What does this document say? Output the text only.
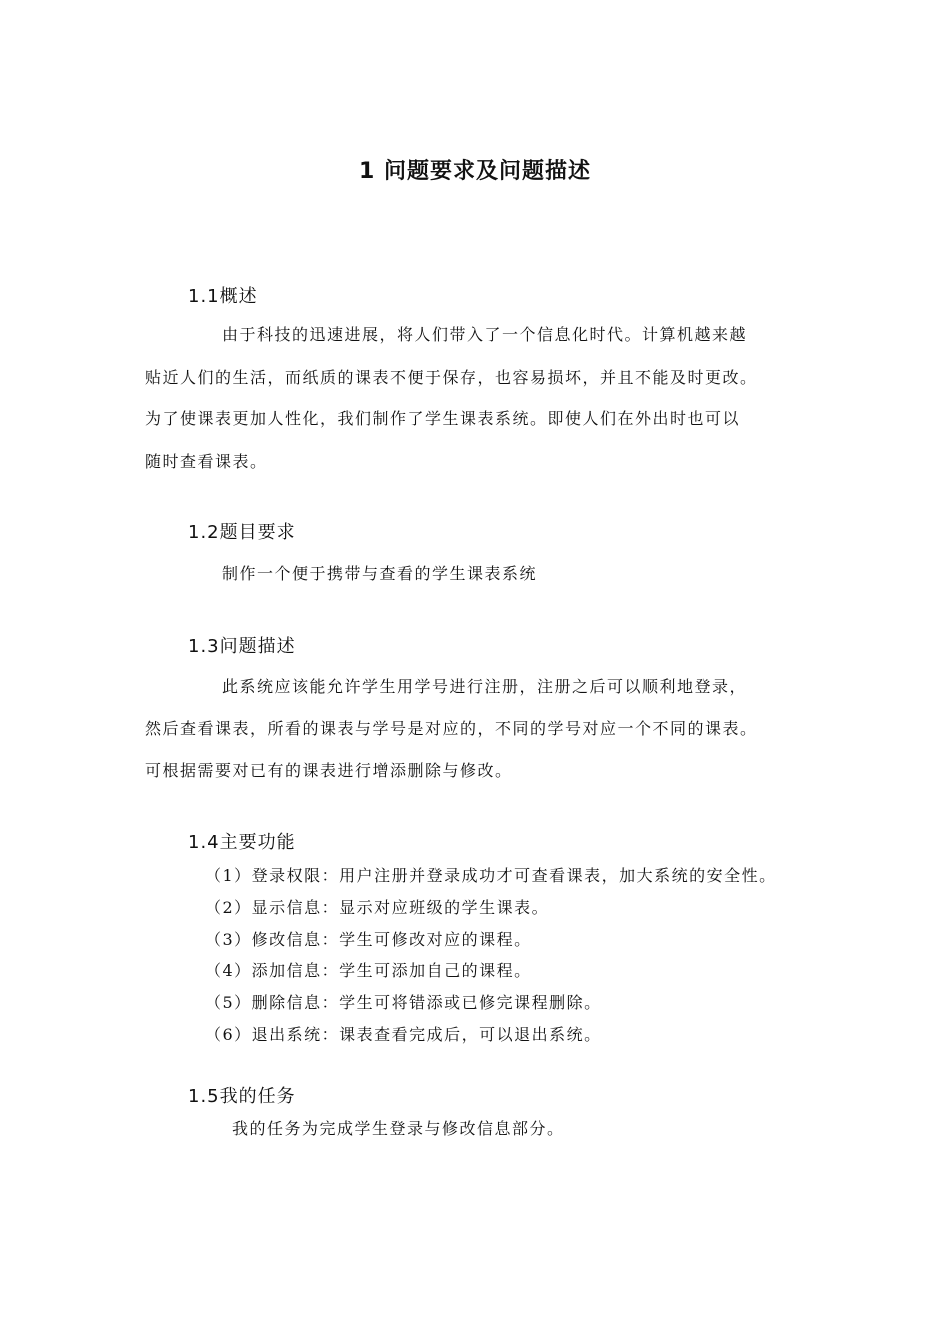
1 问题要求及问题描述
1.1概述
由于科技的迅速进展，将人们带入了一个信息化时代。计算机越来越
贴近人们的生活，而纸质的课表不便于保存，也容易损坏，并且不能及时更改。
为了使课表更加人性化，我们制作了学生课表系统。即使人们在外出时也可以
随时查看课表。
1.2题目要求
制作一个便于携带与查看的学生课表系统
1.3问题描述
此系统应该能允许学生用学号进行注册，注册之后可以顺利地登录，
然后查看课表，所看的课表与学号是对应的，不同的学号对应一个不同的课表。
可根据需要对已有的课表进行增添删除与修改。
1.4主要功能
（1）登录权限：用户注册并登录成功才可查看课表，加大系统的安全性。
（2）显示信息：显示对应班级的学生课表。
（3）修改信息：学生可修改对应的课程。
（4）添加信息：学生可添加自己的课程。
（5）删除信息：学生可将错添或已修完课程删除。
（6）退出系统：课表查看完成后，可以退出系统。
1.5我的任务
我的任务为完成学生登录与修改信息部分。
